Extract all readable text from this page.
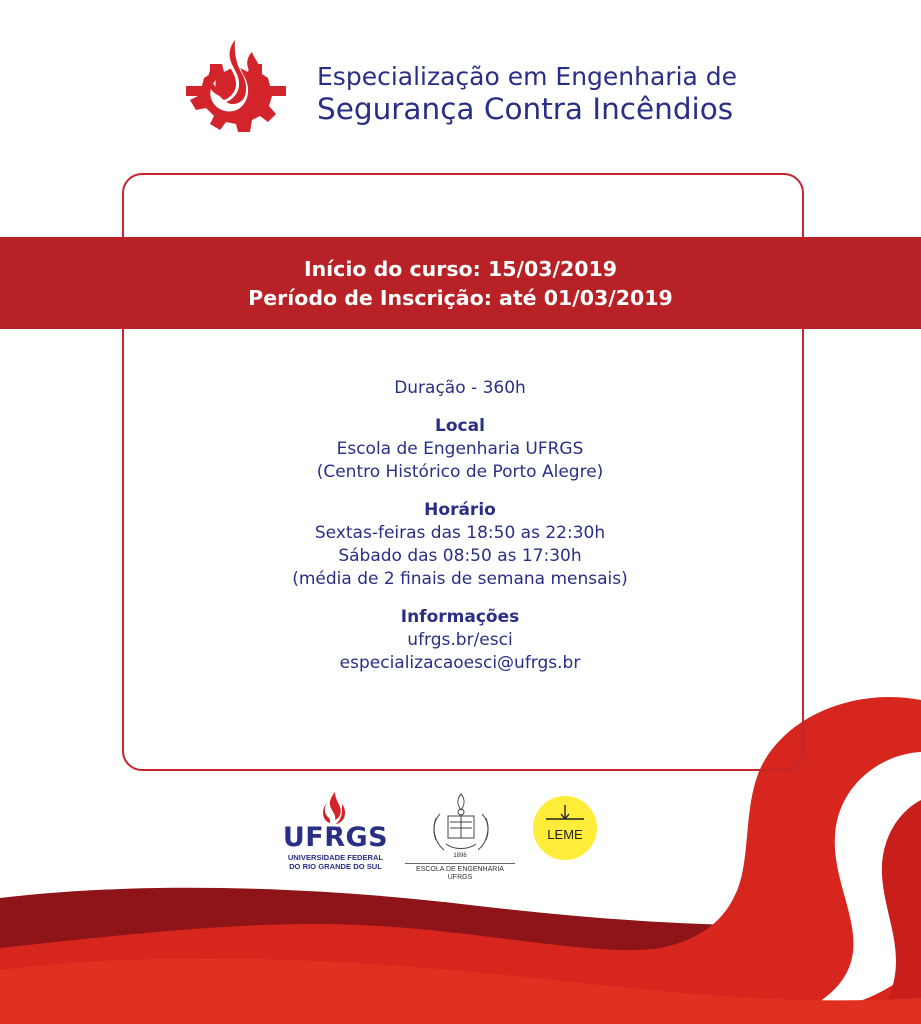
Especialização em Engenharia de
Segurança Contra Incêndios
Início do curso: 15/03/2019
Período de Inscrição: até 01/03/2019
Duração - 360h
Local
Escola de Engenharia UFRGS
(Centro Histórico de Porto Alegre)
Horário
Sextas-feiras das 18:50 as 22:30h
Sábado das 08:50 as 17:30h
(média de 2 finais de semana mensais)
Informações
ufrgs.br/esci
especializacaoesci@ufrgs.br
UFRGS
UNIVERSIDADE FEDERAL
DO RIO GRANDE DO SUL
1896
ESCOLA DE ENGENHARIA
UFRGS
LEME
